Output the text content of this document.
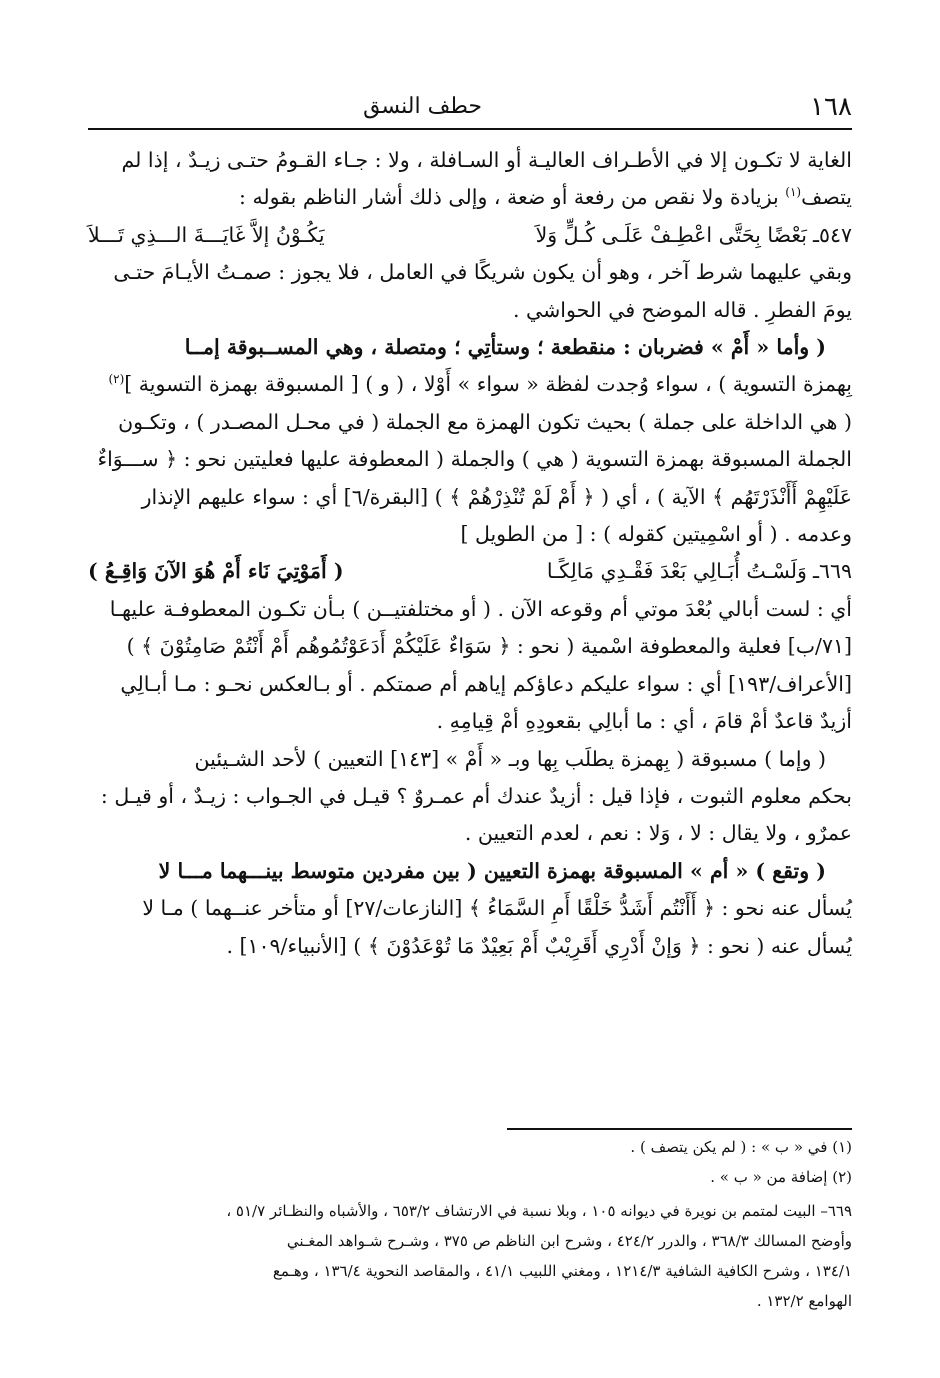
١٦٨
حطف النسق

الغاية لا تكـون إلا في الأطـراف العاليـة أو السـافلة ، ولا : جـاء القـومُ حتـى زيـدٌ ، إذا لم

يتصف$^{(١)}$ بزيادة ولا نقص من رفعة أو ضعة ، وإلى ذلك أشار الناظم بقوله :

٥٤٧ـبَعْضًا بِحَتَّى اعْطِـفْ عَلَـى كُـلٍّ وَلاَ
يَكُـوْنُ إلاَّ غَايَـــةَ الـــذِي تَـــلاَ

وبقي عليهما شرط آخر ، وهو أن يكون شريكًا في العامل ، فلا يجوز : صمـتُ الأيـامَ حتـى

يومَ الفطرِ . قاله الموضح في الحواشي .

( وأما « أَمْ » فضربان : منقطعة ؛ وستأتِي ؛ ومتصلة ، وهي المســبوقة إمــا

بِهمزة التسوية ) ، سواء وُجدت لفظة « سواء » أَوْلا ، ( و ) [ المسبوقة بهمزة التسوية ]$^{(٢)}$

( هي الداخلة على جملة ) بحيث تكون الهمزة مع الجملة ( في محـل المصـدر ) ، وتكـون

الجملة المسبوقة بهمزة التسوية ( هي ) والجملة ( المعطوفة عليها فعليتين نحو : ﴿ ســـوَاءٌ

عَلَيْهِمْ أَأَنْذَرْتَهُم ﴾ الآية ) ، أي ( ﴿ أَمْ لَمْ تُنْذِرْهُمْ ﴾ ) [البقرة/٦] أي : سواء عليهم الإنذار

وعدمه . ( أو اسْمِيتين كقوله ) : [ من الطويل ]

٦٦٩ـوَلَسْـتُ أُبَـالِي بَعْدَ فَقْـدِي مَالِكًـا
( أَمَوْتِيَ نَاء أَمْ هُوَ الآنَ وَاقِـعُ )

أي : لست أبالي بُعْدَ موتي أم وقوعه الآن . ( أو مختلفتيــن ) بـأن تكـون المعطوفـة عليهـا

[٧١/ب] فعلية والمعطوفة اسْمية ( نحو : ﴿ سَوَاءٌ عَلَيْكُمْ أَدَعَوْتُمُوهُم أَمْ أَنْتُمْ صَامِتُوْنَ ﴾ )

[الأعراف/١٩٣] أي : سواء عليكم دعاؤكم إياهم أم صمتكم . أو بـالعكس نحـو : مـا أبـالِي

أزيدٌ قاعدٌ أمْ قامَ ، أي : ما أبالِي بقعودِهِ أمْ قِيامِهِ .

( وإما ) مسبوقة ( بِهمزة يطلَب بِها وبـ « أَمْ » [١٤٣] التعيين ) لأحد الشـيئين

بحكم معلوم الثبوت ، فإذا قيل : أزيدٌ عندك أم عمـروٌ ؟ قيـل في الجـواب : زيـدٌ ، أو قيـل :

عمرٌو ، ولا يقال : لا ، وَلا : نعم ، لعدم التعيين .

( وتقع ) « أم » المسبوقة بهمزة التعيين ( بين مفردين متوسط بينـــهما مـــا لا

يُسأل عنه نحو : ﴿ أَأَنْتُم أَشَدُّ خَلْقًا أَمِ السَّمَاءُ ﴾ [النازعات/٢٧] أو متأخر عنــهما ) مـا لا

يُسأل عنه ( نحو : ﴿ وَإنْ أَدْرِي أَقَرِيْبٌ أَمْ بَعِيْدٌ مَا تُوْعَدُوْنَ ﴾ ) [الأنبياء/١٠٩] .

(١) في « ب » : ( لم يكن يتصف ) .

(٢) إضافة من « ب » .

٦٦٩– البيت لمتمم بن نويرة في ديوانه ١٠٥ ، وبلا نسبة في الارتشاف ٦٥٣/٢ ، والأشباه والنظـائر ٥١/٧ ،

وأوضح المسالك ٣٦٨/٣ ، والدرر ٤٢٤/٢ ، وشرح ابن الناظم ص ٣٧٥ ، وشـرح شـواهد المغـني

١٣٤/١ ، وشرح الكافية الشافية ١٢١٤/٣ ، ومغني اللبيب ٤١/١ ، والمقاصد النحوية ١٣٦/٤ ، وهـمع

الهوامع ١٣٢/٢ .
